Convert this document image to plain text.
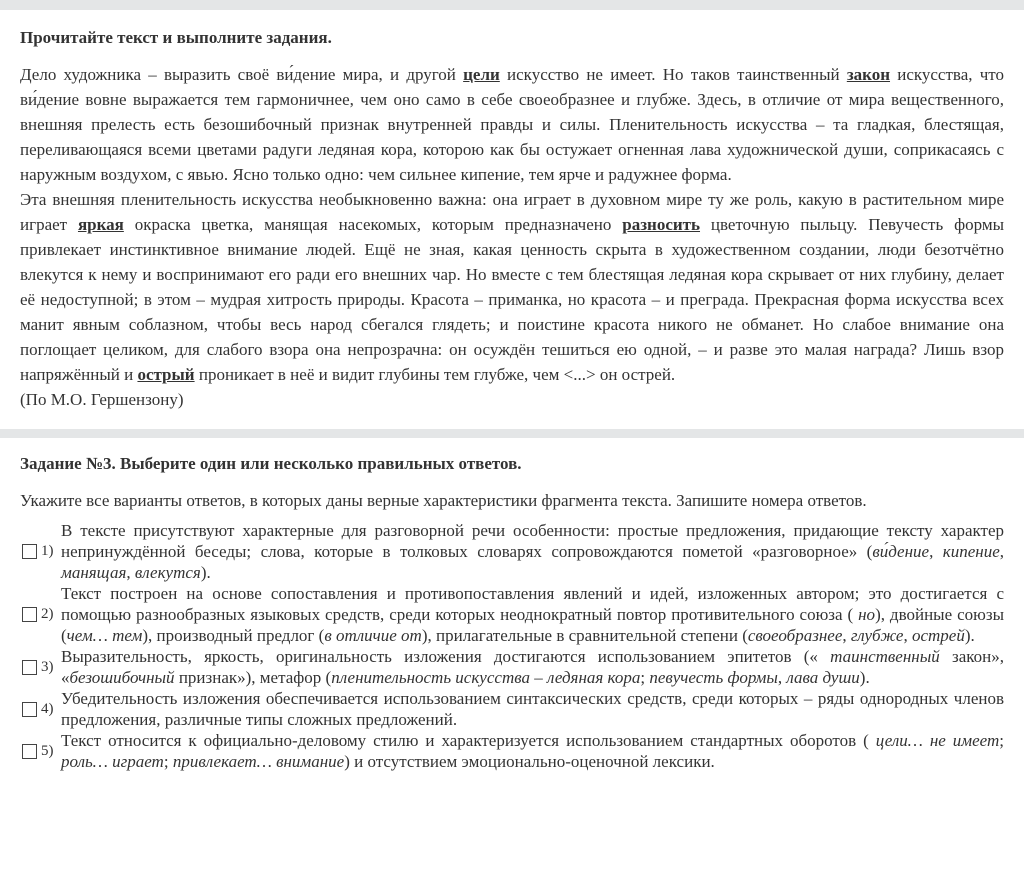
Прочитайте текст и выполните задания.
Дело художника – выразить своё ви́дение мира, и другой цели искусство не имеет. Но таков таинственный закон искусства, что ви́дение вовне выражается тем гармоничнее, чем оно само в себе своеобразнее и глубже. Здесь, в отличие от мира вещественного, внешняя прелесть есть безошибочный признак внутренней правды и силы. Пленительность искусства – та гладкая, блестящая, переливающаяся всеми цветами радуги ледяная кора, которою как бы остужает огненная лава художнической души, соприкасаясь с наружным воздухом, с явью. Ясно только одно: чем сильнее кипение, тем ярче и радужнее форма.
Эта внешняя пленительность искусства необыкновенно важна: она играет в духовном мире ту же роль, какую в растительном мире играет яркая окраска цветка, манящая насекомых, которым предназначено разносить цветочную пыльцу. Певучесть формы привлекает инстинктивное внимание людей. Ещё не зная, какая ценность скрыта в художественном создании, люди безотчётно влекутся к нему и воспринимают его ради его внешних чар. Но вместе с тем блестящая ледяная кора скрывает от них глубину, делает её недоступной; в этом – мудрая хитрость природы. Красота – приманка, но красота – и преграда. Прекрасная форма искусства всех манит явным соблазном, чтобы весь народ сбегался глядеть; и поистине красота никого не обманет. Но слабое внимание она поглощает целиком, для слабого взора она непрозрачна: он осуждён тешиться ею одной, – и разве это малая награда? Лишь взор напряжённый и острый проникает в неё и видит глубины тем глубже, чем <...> он острей.
(По М.О. Гершензону)
Задание №3. Выберите один или несколько правильных ответов.
Укажите все варианты ответов, в которых даны верные характеристики фрагмента текста. Запишите номера ответов.
1)
В тексте присутствуют характерные для разговорной речи особенности: простые предложения, придающие тексту характер непринуждённой беседы; слова, которые в толковых словарях сопровождаются пометой «разговорное» (ви́дение, кипение, манящая, влекутся).
2)
Текст построен на основе сопоставления и противопоставления явлений и идей, изложенных автором; это достигается с помощью разнообразных языковых средств, среди которых неоднократный повтор противительного союза ( но), двойные союзы (чем… тем), производный предлог (в отличие от), прилагательные в сравнительной степени (своеобразнее, глубже, острей).
3)
Выразительность, яркость, оригинальность изложения достигаются использованием эпитетов (« таинственный закон», «безошибочный признак»), метафор (пленительность искусства – ледяная кора; певучесть формы, лава души).
4)
Убедительность изложения обеспечивается использованием синтаксических средств, среди которых – ряды однородных членов предложения, различные типы сложных предложений.
5)
Текст относится к официально-деловому стилю и характеризуется использованием стандартных оборотов ( цели… не имеет; роль… играет; привлекает… внимание) и отсутствием эмоционально-оценочной лексики.
